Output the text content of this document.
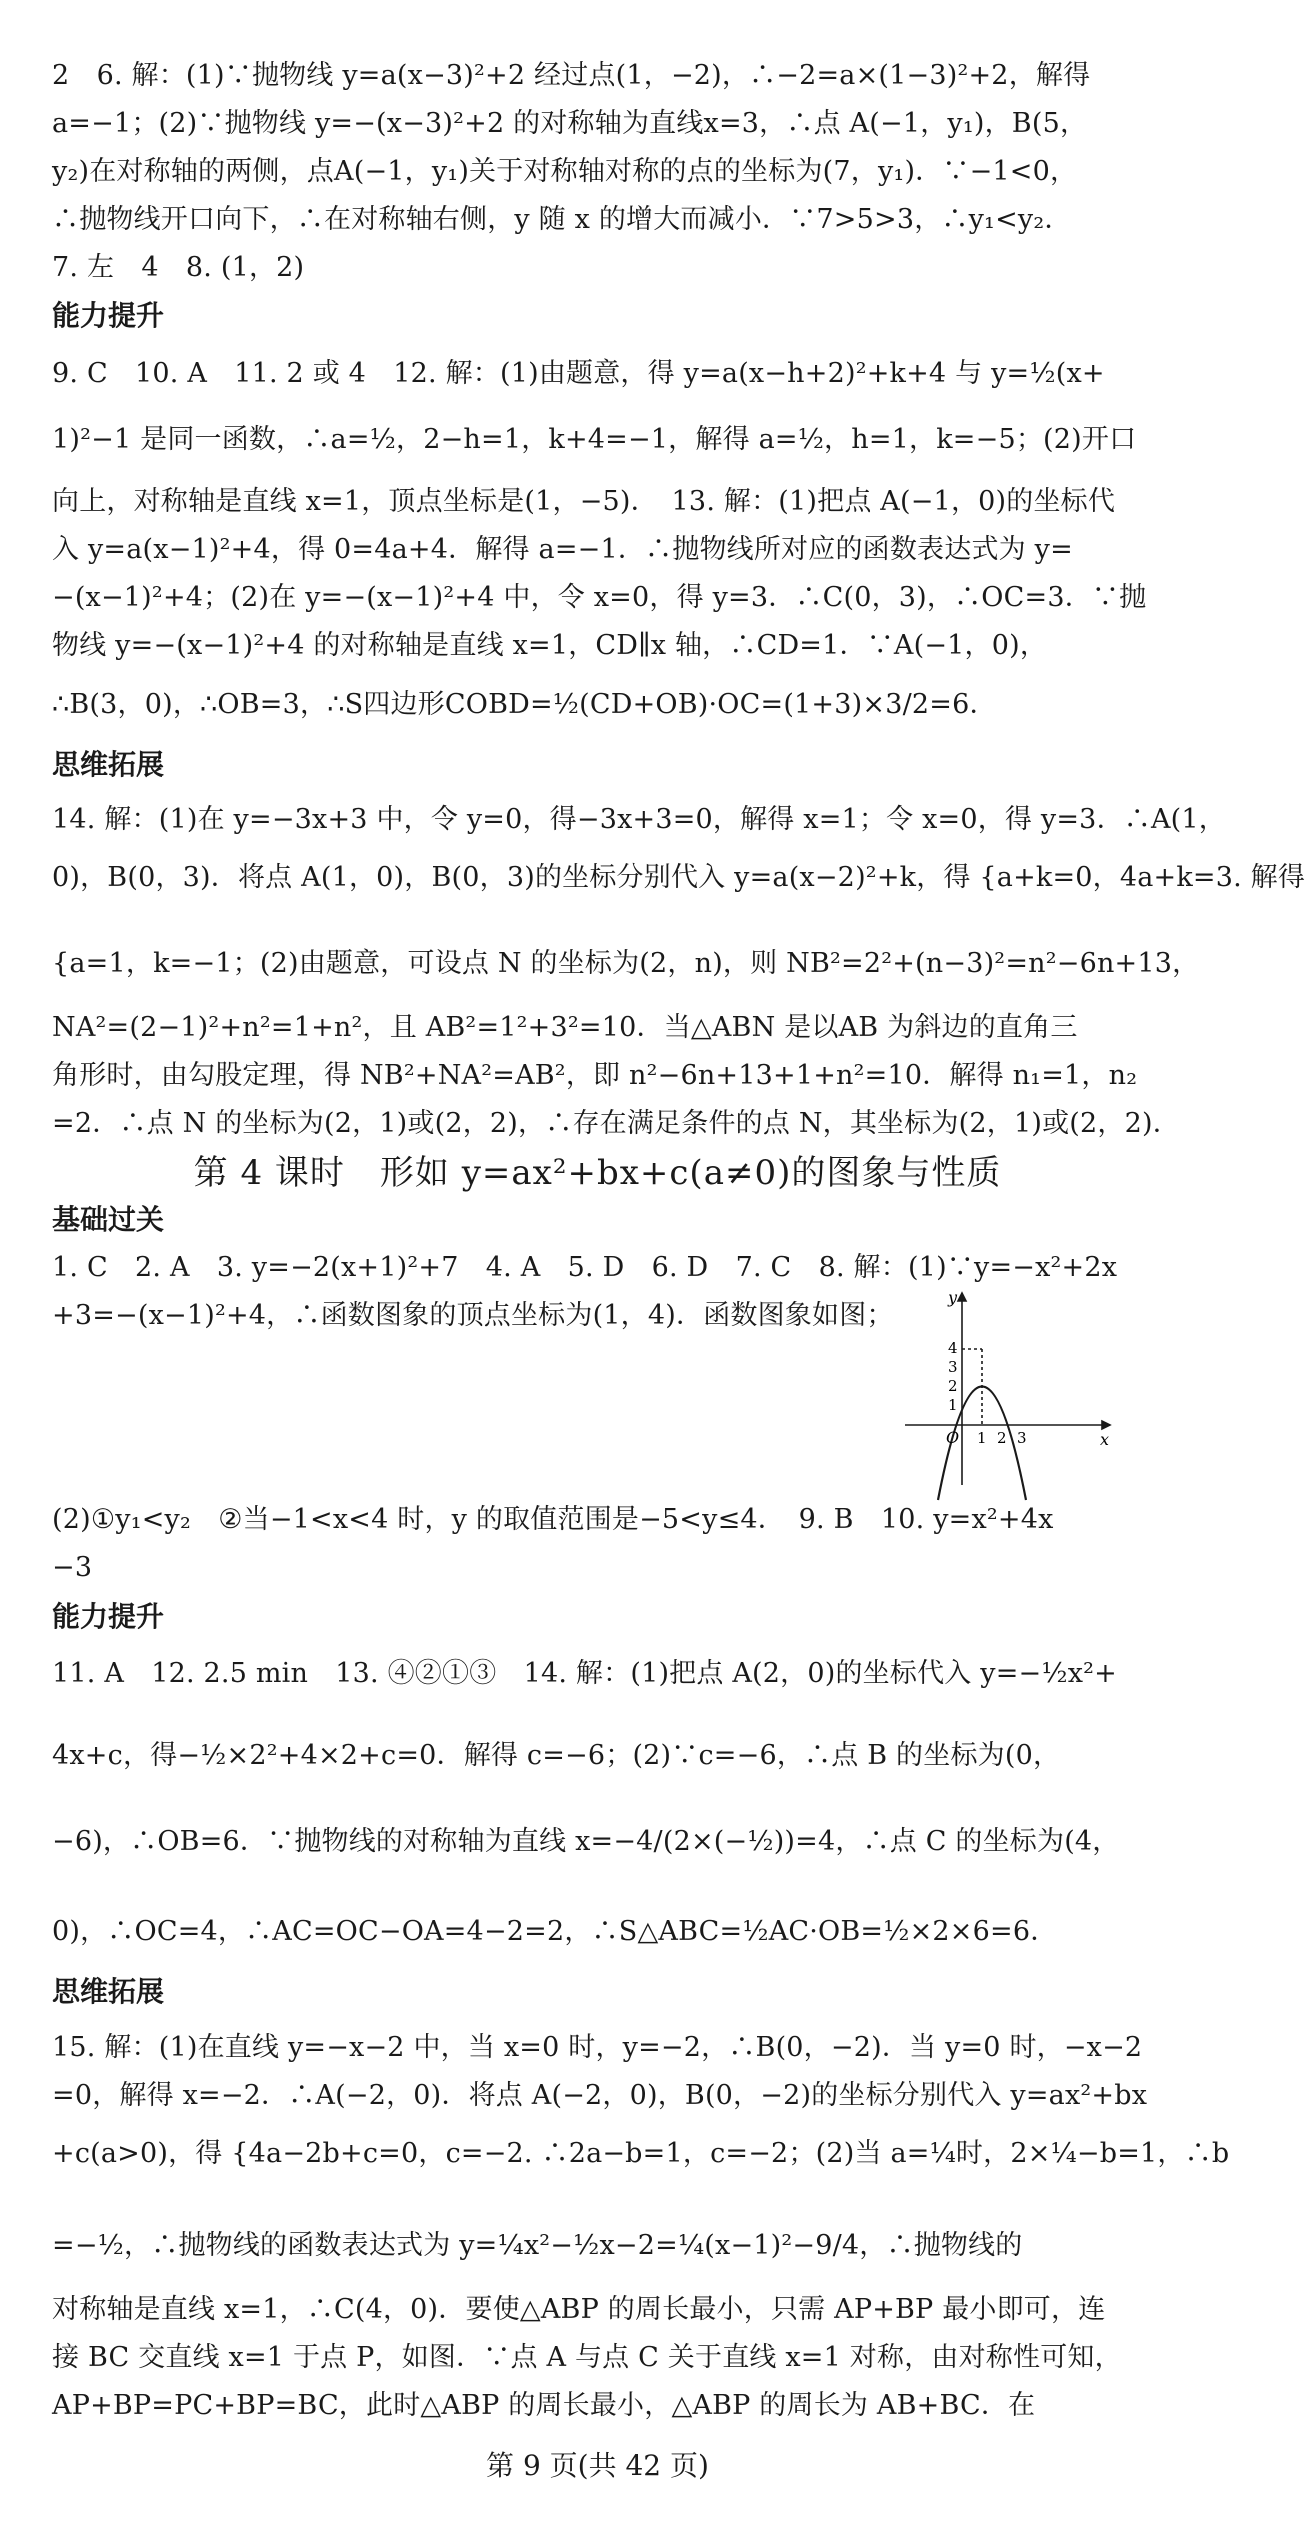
2　6. 解：(1)∵抛物线 y=a(x−3)²+2 经过点(1，−2)，∴−2=a×(1−3)²+2，解得
a=−1；(2)∵抛物线 y=−(x−3)²+2 的对称轴为直线x=3，∴点 A(−1，y₁)，B(5，
y₂)在对称轴的两侧，点A(−1，y₁)关于对称轴对称的点的坐标为(7，y₁)．∵−1<0，
∴抛物线开口向下，∴在对称轴右侧，y 随 x 的增大而减小．∵7>5>3，∴y₁<y₂．
7. 左　4　8. (1，2)
能力提升
9. C　10. A　11. 2 或 4　12. 解：(1)由题意，得 y=a(x−h+2)²+k+4 与 y=½(x+
1)²−1 是同一函数，∴a=½，2−h=1，k+4=−1，解得 a=½，h=1，k=−5；(2)开口
向上，对称轴是直线 x=1，顶点坐标是(1，−5)．　13. 解：(1)把点 A(−1，0)的坐标代
入 y=a(x−1)²+4，得 0=4a+4．解得 a=−1．∴抛物线所对应的函数表达式为 y=
−(x−1)²+4；(2)在 y=−(x−1)²+4 中，令 x=0，得 y=3．∴C(0，3)，∴OC=3．∵抛
物线 y=−(x−1)²+4 的对称轴是直线 x=1，CD∥x 轴，∴CD=1．∵A(−1，0)，
∴B(3，0)，∴OB=3，∴S四边形COBD=½(CD+OB)·OC=(1+3)×3/2=6．
思维拓展
14. 解：(1)在 y=−3x+3 中，令 y=0，得−3x+3=0，解得 x=1；令 x=0，得 y=3．∴A(1，
0)，B(0，3)．将点 A(1，0)，B(0，3)的坐标分别代入 y=a(x−2)²+k，得 {a+k=0，4a+k=3. 解得
{a=1，k=−1；(2)由题意，可设点 N 的坐标为(2，n)，则 NB²=2²+(n−3)²=n²−6n+13，
NA²=(2−1)²+n²=1+n²，且 AB²=1²+3²=10．当△ABN 是以AB 为斜边的直角三
角形时，由勾股定理，得 NB²+NA²=AB²，即 n²−6n+13+1+n²=10．解得 n₁=1，n₂
=2．∴点 N 的坐标为(2，1)或(2，2)，∴存在满足条件的点 N，其坐标为(2，1)或(2，2)．
第 4 课时　形如 y=ax²+bx+c(a≠0)的图象与性质
基础过关
1. C　2. A　3. y=−2(x+1)²+7　4. A　5. D　6. D　7. C　8. 解：(1)∵y=−x²+2x
+3=−(x−1)²+4，∴函数图象的顶点坐标为(1，4)．函数图象如图；
y
x
O 1 2 3
1
2
3
4
(2)①y₁<y₂　②当−1<x<4 时，y 的取值范围是−5<y≤4．　9. B　10. y=x²+4x
−3
能力提升
11. A　12. 2.5 min　13. ④②①③　14. 解：(1)把点 A(2，0)的坐标代入 y=−½x²+
4x+c，得−½×2²+4×2+c=0．解得 c=−6；(2)∵c=−6，∴点 B 的坐标为(0，
−6)，∴OB=6．∵抛物线的对称轴为直线 x=−4/(2×(−½))=4，∴点 C 的坐标为(4，
0)，∴OC=4，∴AC=OC−OA=4−2=2，∴S△ABC=½AC·OB=½×2×6=6．
思维拓展
15. 解：(1)在直线 y=−x−2 中，当 x=0 时，y=−2，∴B(0，−2)．当 y=0 时，−x−2
=0，解得 x=−2．∴A(−2，0)．将点 A(−2，0)，B(0，−2)的坐标分别代入 y=ax²+bx
+c(a>0)，得 {4a−2b+c=0，c=−2. ∴2a−b=1，c=−2；(2)当 a=¼时，2×¼−b=1，∴b
=−½，∴抛物线的函数表达式为 y=¼x²−½x−2=¼(x−1)²−9/4，∴抛物线的
对称轴是直线 x=1，∴C(4，0)．要使△ABP 的周长最小，只需 AP+BP 最小即可，连
接 BC 交直线 x=1 于点 P，如图．∵点 A 与点 C 关于直线 x=1 对称，由对称性可知，
AP+BP=PC+BP=BC，此时△ABP 的周长最小，△ABP 的周长为 AB+BC．在
第 9 页(共 42 页)
